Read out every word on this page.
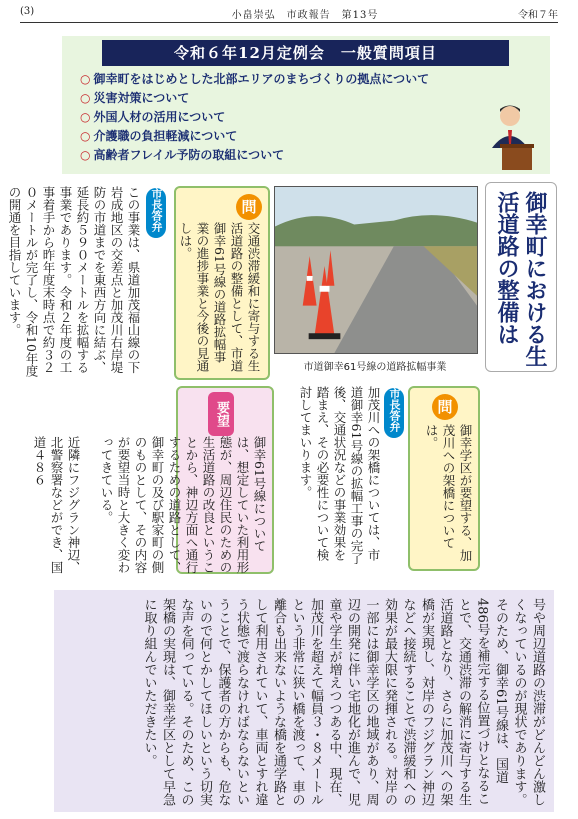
(3)	小畠崇弘　市政報告　第13号	令和７年
令和６年12月定例会　一般質問項目
○ 御幸町をはじめとした北部エリアのまちづくりの拠点について
○ 災害対策について
○ 外国人材の活用について
○ 介護職の負担軽減について
○ 高齢者フレイル予防の取組について
御幸町における生活道路の整備は
市道御幸61号線の道路拡幅事業
問
交通渋滞緩和に寄与する生活道路の整備として、市道御幸61号線の道路拡幅事業の進捗事業と今後の見通しは。
市長答弁
この事業は、県道加茂福山線の下岩成地区の交差点と加茂川右岸堤防の市道までを東西方向に結ぶ、延長約５９０メートルを拡幅する事業であります。令和２年度の工事着手から昨年度末時点で約３２０メートルが完了し、令和10年度の開通を目指しています。
問
御幸学区が要望する、加茂川への架橋については。
市長答弁
加茂川への架橋については、市道御幸61号線の拡幅工事の完了後、交通状況などの事業効果を踏まえ、その必要性について検討してまいります。
要望
御幸61号線については、想定していた利用形態が、周辺住民のための生活道路の改良ということから、神辺方面へ通行するための道路として、御幸町の及び駅家町の側のものとして、その内容が要望当時と大きく変わってきている。
近隣にフジグラン神辺、北警察署などができ、国道４８６
号や周辺道路の渋滞がどんどん激しくなっているのが現状であります。そのため、御幸61号線は、国道486号を補完する位置づけとなることで、交通渋滞の解消に寄与する生活道路となり、さらに加茂川への架橋が実現し、対岸のフジグラン神辺などへ接続することで渋滞緩和への効果が最大限に発揮される。対岸の一部には御幸学区の地域があり、周辺の開発に伴い宅地化が進んで、児童や学生が増えつつある中、現在、加茂川を超えて幅員３・８メートルという非常に狭い橋を渡って、車の離合も出来ないような橋を通学路として利用されていて、車両とすれ違う状態で渡らなければならないということで、保護者の方からも、危ないので何とかしてほしいという切実な声を伺っている。そのため、この架橋の実現は、御幸学区として早急に取り組んでいただきたい。
